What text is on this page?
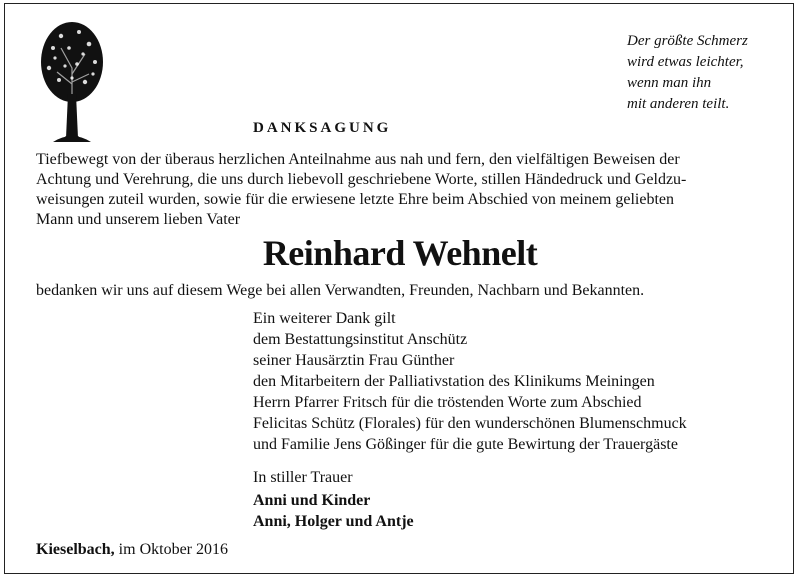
Der größte Schmerz
wird etwas leichter,
wenn man ihn
mit anderen teilt.
DANKSAGUNG
Tiefbewegt von der überaus herzlichen Anteilnahme aus nah und fern, den vielfältigen Beweisen der
Achtung und Verehrung, die uns durch liebevoll geschriebene Worte, stillen Händedruck und Geldzu-
weisungen zuteil wurden, sowie für die erwiesene letzte Ehre beim Abschied von meinem geliebten
Mann und unserem lieben Vater
Reinhard Wehnelt
bedanken wir uns auf diesem Wege bei allen Verwandten, Freunden, Nachbarn und Bekannten.
Ein weiterer Dank gilt
dem Bestattungsinstitut Anschütz
seiner Hausärztin Frau Günther
den Mitarbeitern der Palliativstation des Klinikums Meiningen
Herrn Pfarrer Fritsch für die tröstenden Worte zum Abschied
Felicitas Schütz (Florales) für den wunderschönen Blumenschmuck
und Familie Jens Gößinger für die gute Bewirtung der Trauergäste
In stiller Trauer
Anni und Kinder
Anni, Holger und Antje
Kieselbach, im Oktober 2016
